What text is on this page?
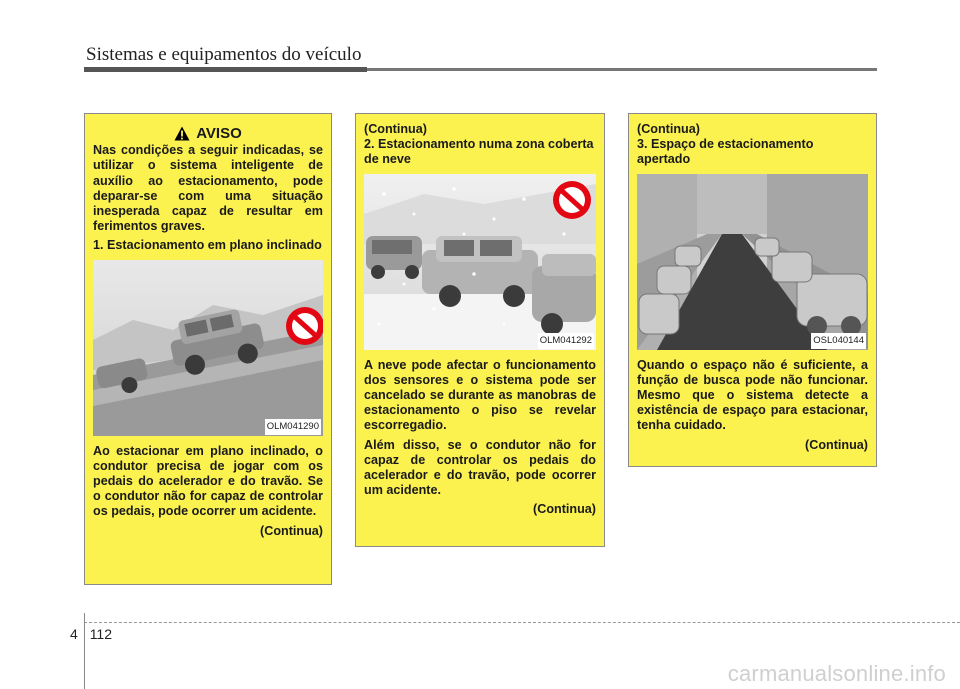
Sistemas e equipamentos do veículo
AVISO

Nas condições a seguir indicadas, se utilizar o sistema inteligente de auxílio ao estacionamento, pode deparar-se com uma situação inesperada capaz de resultar em ferimentos graves.

1. Estacionamento em plano inclinado
OLM041290

Ao estacionar em plano inclinado, o condutor precisa de jogar com os pedais do acelerador e do travão. Se o condutor não for capaz de controlar os pedais, pode ocorrer um acidente.

(Continua)

(Continua)

2. Estacionamento numa zona coberta de neve
OLM041292

A neve pode afectar o funcionamento dos sensores e o sistema pode ser cancelado se durante as manobras de estacionamento o piso se revelar escorregadio.

Além disso, se o condutor não for capaz de controlar os pedais do acelerador e do travão, pode ocorrer um acidente.

(Continua)

(Continua)

3. Espaço de estacionamento apertado
OSL040144

Quando o espaço não é suficiente, a função de busca pode não funcionar. Mesmo que o sistema detecte a existência de espaço para estacionar, tenha cuidado.

(Continua)

4 112
carmanualsonline.info
